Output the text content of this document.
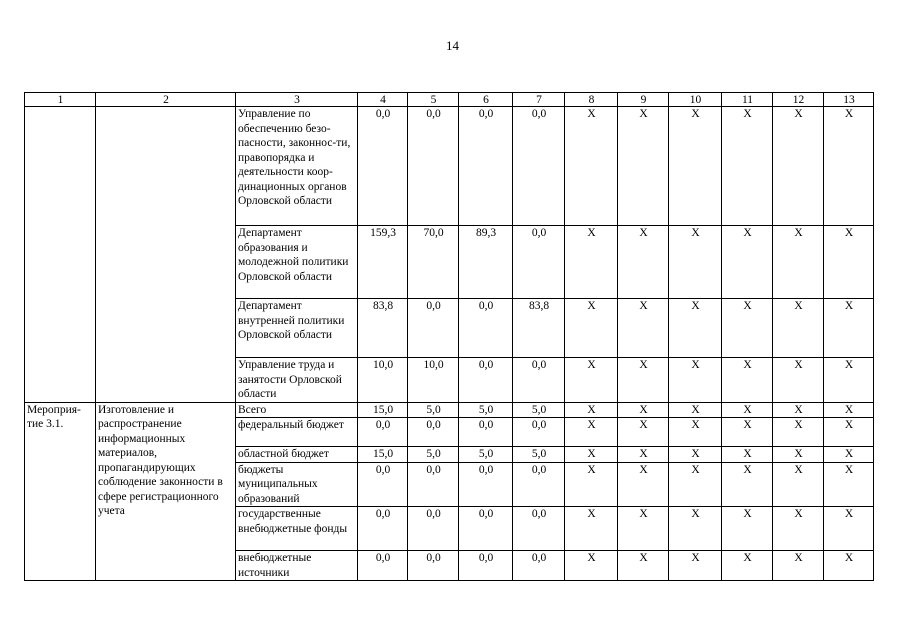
14
1	2	3	4	5	6	7	8	9	10	11	12	13
		Управление по обеспечению безо-пасности, законнос-ти, правопорядка и деятельности коор-динационных органов Орловской области	0,0	0,0	0,0	0,0	Х	Х	Х	Х	Х	Х
		Департамент образования и молодежной политики Орловской области	159,3	70,0	89,3	0,0	Х	Х	Х	Х	Х	Х
		Департамент внутренней политики Орловской области	83,8	0,0	0,0	83,8	Х	Х	Х	Х	Х	Х
		Управление труда и занятости Орловской области	10,0	10,0	0,0	0,0	Х	Х	Х	Х	Х	Х
Мероприя-тие 3.1.	Изготовление и распространение информационных материалов, пропагандирующих соблюдение законности в сфере регистрационного учета	Всего	15,0	5,0	5,0	5,0	Х	Х	Х	Х	Х	Х
		федеральный бюджет	0,0	0,0	0,0	0,0	Х	Х	Х	Х	Х	Х
		областной бюджет	15,0	5,0	5,0	5,0	Х	Х	Х	Х	Х	Х
		бюджеты муниципальных образований	0,0	0,0	0,0	0,0	Х	Х	Х	Х	Х	Х
		государственные внебюджетные фонды	0,0	0,0	0,0	0,0	Х	Х	Х	Х	Х	Х
		внебюджетные источники	0,0	0,0	0,0	0,0	Х	Х	Х	Х	Х	Х
